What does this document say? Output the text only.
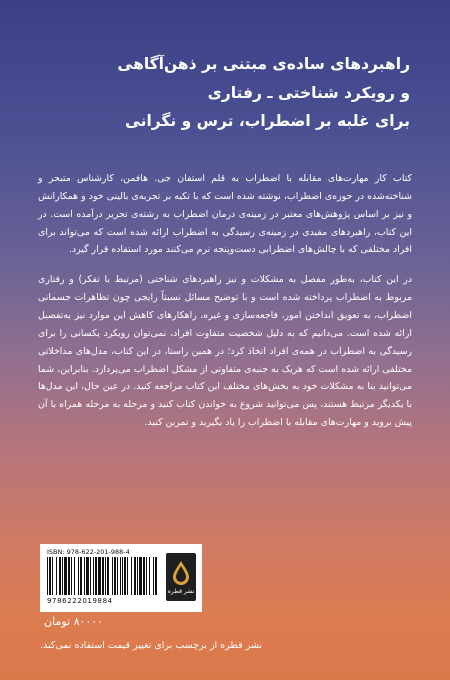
راهبردهای ساده‌ی مبتنی بر ذهن‌آگاهی
و رویکرد شناختی ـ رفتاری
برای غلبه بر اضطراب، ترس و نگرانی

کتاب کار مهارت‌های مقابله با اضطراب به قلم استفان جی. هافمن، کارشناس متبحر و شناخته‌شده در حوزه‌ی اضطراب، نوشته شده است که با تکیه بر تجربه‌ی بالینی خود و همکارانش و نیز بر اساس پژوهش‌های معتبر در زمینه‌ی درمان اضطراب به رشته‌ی تحریر درآمده است. در این کتاب، راهبردهای مفیدی در زمینه‌ی رسیدگی به اضطراب ارائه شده است که می‌تواند برای افراد مختلفی که با چالش‌های اضطرابی دست‌وپنجه نرم می‌کنند مورد استفاده قرار گیرد.

در این کتاب، به‌طور مفصل به مشکلات و نیز راهبردهای شناختی (مرتبط با تفکر) و رفتاری مربوط به اضطراب پرداخته شده است و با توضیح مسائل نسبتاً رایجی چون تظاهرات جسمانی اضطراب، به تعویق انداختن امور، فاجعه‌سازی و غیره، راهکارهای کاهش این موارد نیز به‌تفصیل ارائه شده است. می‌دانیم که به دلیل شخصیت متفاوت افراد، نمی‌توان رویکرد یکسانی را برای رسیدگی به اضطراب در همه‌ی افراد اتخاذ کرد؛ در همین راستا، در این کتاب، مدل‌های مداخلاتی مختلفی ارائه شده است که هریک به جنبه‌ی متفاوتی از مشکل اضطراب می‌پردازد. بنابراین، شما می‌توانید بنا به مشکلات خود به بخش‌های مختلف این کتاب مراجعه کنید. در عین حال، این مدل‌ها با یکدیگر مرتبط هستند، پس می‌توانید شروع به خواندن کتاب کنید و مرحله به مرحله همراه با آن پیش بروید و مهارت‌های مقابله با اضطراب را یاد بگیرید و تمرین کنید.

ISBN: 978-622-201-988-4
9786222019884
نشر قطره
۸۰۰۰۰ تومان
نشر قطره از برچسب برای تغییر قیمت استفاده نمی‌کند.
